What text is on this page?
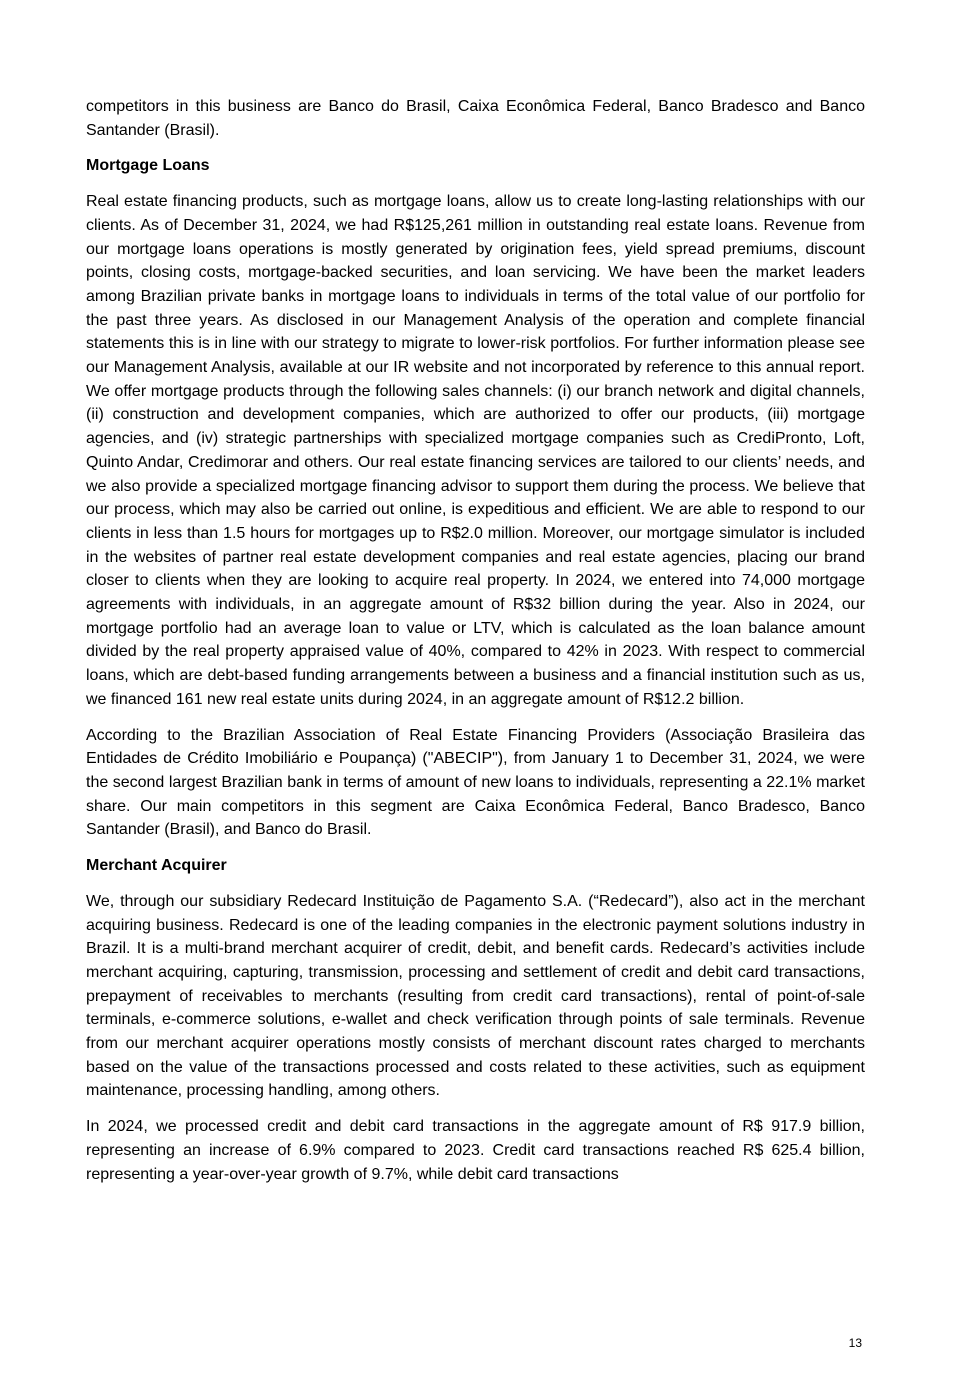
competitors in this business are Banco do Brasil, Caixa Econômica Federal, Banco Bradesco and Banco Santander (Brasil).

Mortgage Loans

Real estate financing products, such as mortgage loans, allow us to create long-lasting relationships with our clients. As of December 31, 2024, we had R$125,261 million in outstanding real estate loans. Revenue from our mortgage loans operations is mostly generated by origination fees, yield spread premiums, discount points, closing costs, mortgage-backed securities, and loan servicing. We have been the market leaders among Brazilian private banks in mortgage loans to individuals in terms of the total value of our portfolio for the past three years. As disclosed in our Management Analysis of the operation and complete financial statements this is in line with our strategy to migrate to lower-risk portfolios. For further information please see our Management Analysis, available at our IR website and not incorporated by reference to this annual report. We offer mortgage products through the following sales channels: (i) our branch network and digital channels, (ii) construction and development companies, which are authorized to offer our products, (iii) mortgage agencies, and (iv) strategic partnerships with specialized mortgage companies such as CrediPronto, Loft, Quinto Andar, Credimorar and others. Our real estate financing services are tailored to our clients’ needs, and we also provide a specialized mortgage financing advisor to support them during the process. We believe that our process, which may also be carried out online, is expeditious and efficient. We are able to respond to our clients in less than 1.5 hours for mortgages up to R$2.0 million. Moreover, our mortgage simulator is included in the websites of partner real estate development companies and real estate agencies, placing our brand closer to clients when they are looking to acquire real property. In 2024, we entered into 74,000 mortgage agreements with individuals, in an aggregate amount of R$32 billion during the year. Also in 2024, our mortgage portfolio had an average loan to value or LTV, which is calculated as the loan balance amount divided by the real property appraised value of 40%, compared to 42% in 2023. With respect to commercial loans, which are debt-based funding arrangements between a business and a financial institution such as us, we financed 161 new real estate units during 2024, in an aggregate amount of R$12.2 billion.

According to the Brazilian Association of Real Estate Financing Providers (Associação Brasileira das Entidades de Crédito Imobiliário e Poupança) ("ABECIP"), from January 1 to December 31, 2024, we were the second largest Brazilian bank in terms of amount of new loans to individuals, representing a 22.1% market share. Our main competitors in this segment are Caixa Econômica Federal, Banco Bradesco, Banco Santander (Brasil), and Banco do Brasil.

Merchant Acquirer

We, through our subsidiary Redecard Instituição de Pagamento S.A. (“Redecard”), also act in the merchant acquiring business. Redecard is one of the leading companies in the electronic payment solutions industry in Brazil. It is a multi-brand merchant acquirer of credit, debit, and benefit cards. Redecard’s activities include merchant acquiring, capturing, transmission, processing and settlement of credit and debit card transactions, prepayment of receivables to merchants (resulting from credit card transactions), rental of point-of-sale terminals, e-commerce solutions, e-wallet and check verification through points of sale terminals. Revenue from our merchant acquirer operations mostly consists of merchant discount rates charged to merchants based on the value of the transactions processed and costs related to these activities, such as equipment maintenance, processing handling, among others.

In 2024, we processed credit and debit card transactions in the aggregate amount of R$ 917.9 billion, representing an increase of 6.9% compared to 2023. Credit card transactions reached R$ 625.4 billion, representing a year-over-year growth of 9.7%, while debit card transactions

13
